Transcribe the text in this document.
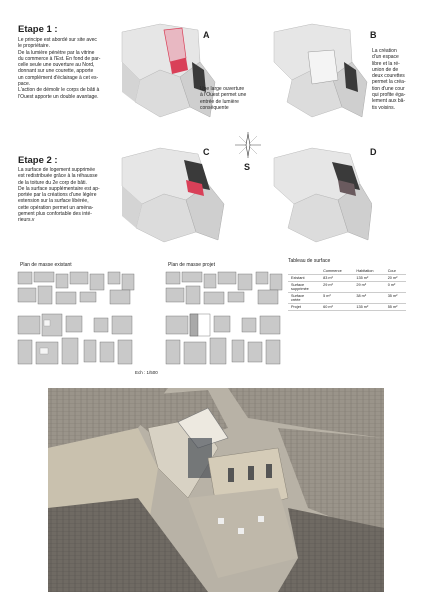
Etape 1 :
Le principe est abordé sur site avec
le propriétaire.
De la lumière pénètre par la vitrine
du commerce à l'Est. En fond de par-
celle seule une ouverture au Nord,
donnant sur une courette, apporte
un complément d'éclairage à cet es-
pace.
L'action de démolir le corps de bâti à
l'Ouest apporte un double avantage.
A
Une large ouverture
à l'Ouest permet une
entrée de lumière
conséquente
B
La création
d'un espace
libre et la ré-
union de de
deux courettes
permet la créa-
tion d'une cour
qui profite éga-
lement aux bâ-
tis voisins.
Etape 2 :
La surface de logement supprimée
est redistribuée grâce à la réhausse
de la toiture du 2e corp de bâti.
De la surface supplémentaire est ap-
portée par la créations d'une légère
extension sur la surface libérée,
cette opération permet un aména-
gement plus confortable des inté-
rieurs.v
S
C	D
Plan de masse existant	Plan de masse projet
Ech : 1/500
Tableau de surface
	Commerce	Habitation	Cour
Existant	83 m²	135 m²	20 m²
Surface
supprimée	29 m²	29 m²	0 m²
Surface
créée	5 m²	38 m²	35 m²
Projet	60 m²	135 m²	55 m²
